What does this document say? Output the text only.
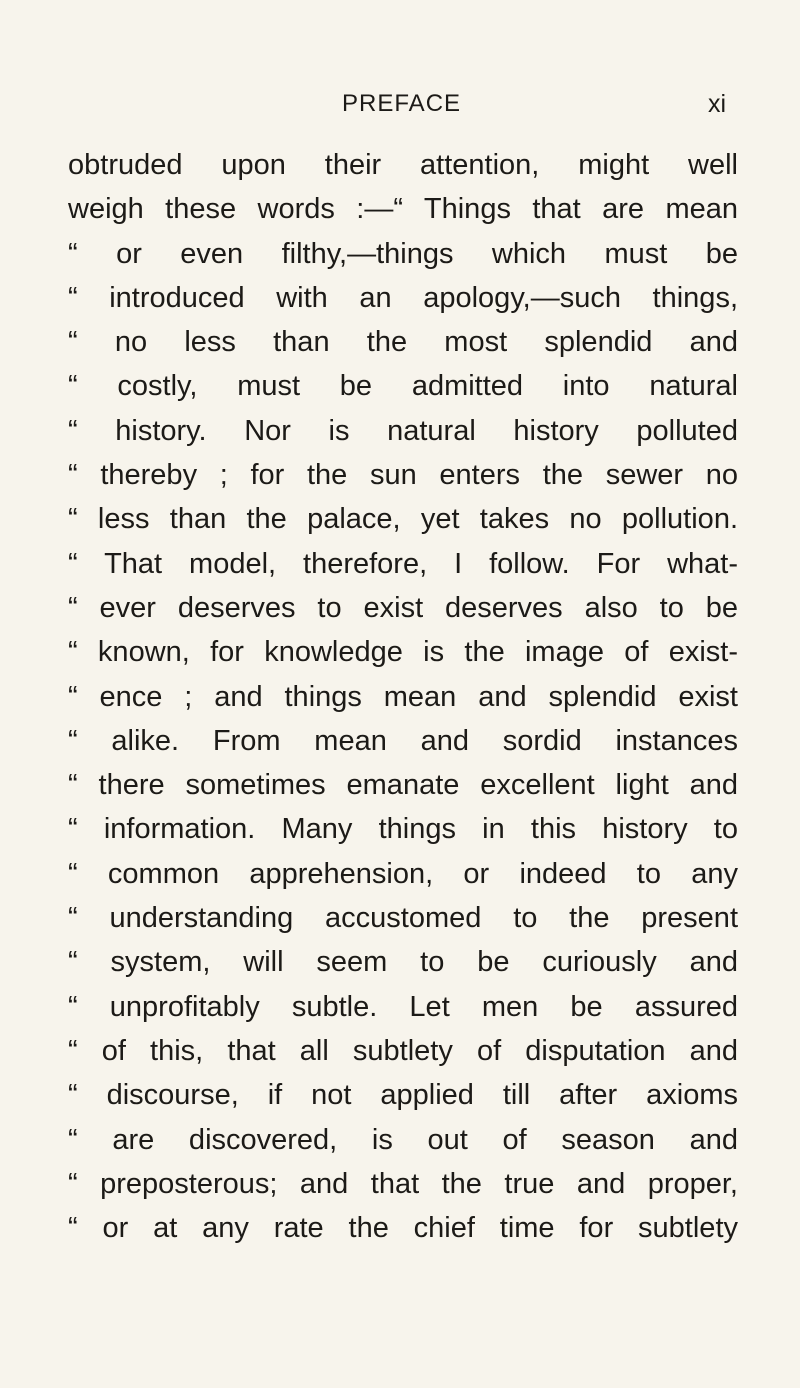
PREFACE	xi
obtruded upon their attention, might well
weigh these words :—“ Things that are mean
“ or even filthy,—things which must be
“ introduced with an apology,—such things,
“ no less than the most splendid and
“ costly, must be admitted into natural
“ history. Nor is natural history polluted
“ thereby ; for the sun enters the sewer no
“ less than the palace, yet takes no pollution.
“ That model, therefore, I follow. For what-
“ ever deserves to exist deserves also to be
“ known, for knowledge is the image of exist-
“ ence ; and things mean and splendid exist
“ alike. From mean and sordid instances
“ there sometimes emanate excellent light and
“ information. Many things in this history to
“ common apprehension, or indeed to any
“ understanding accustomed to the present
“ system, will seem to be curiously and
“ unprofitably subtle. Let men be assured
“ of this, that all subtlety of disputation and
“ discourse, if not applied till after axioms
“ are discovered, is out of season and
“ preposterous; and that the true and proper,
“ or at any rate the chief time for subtlety
